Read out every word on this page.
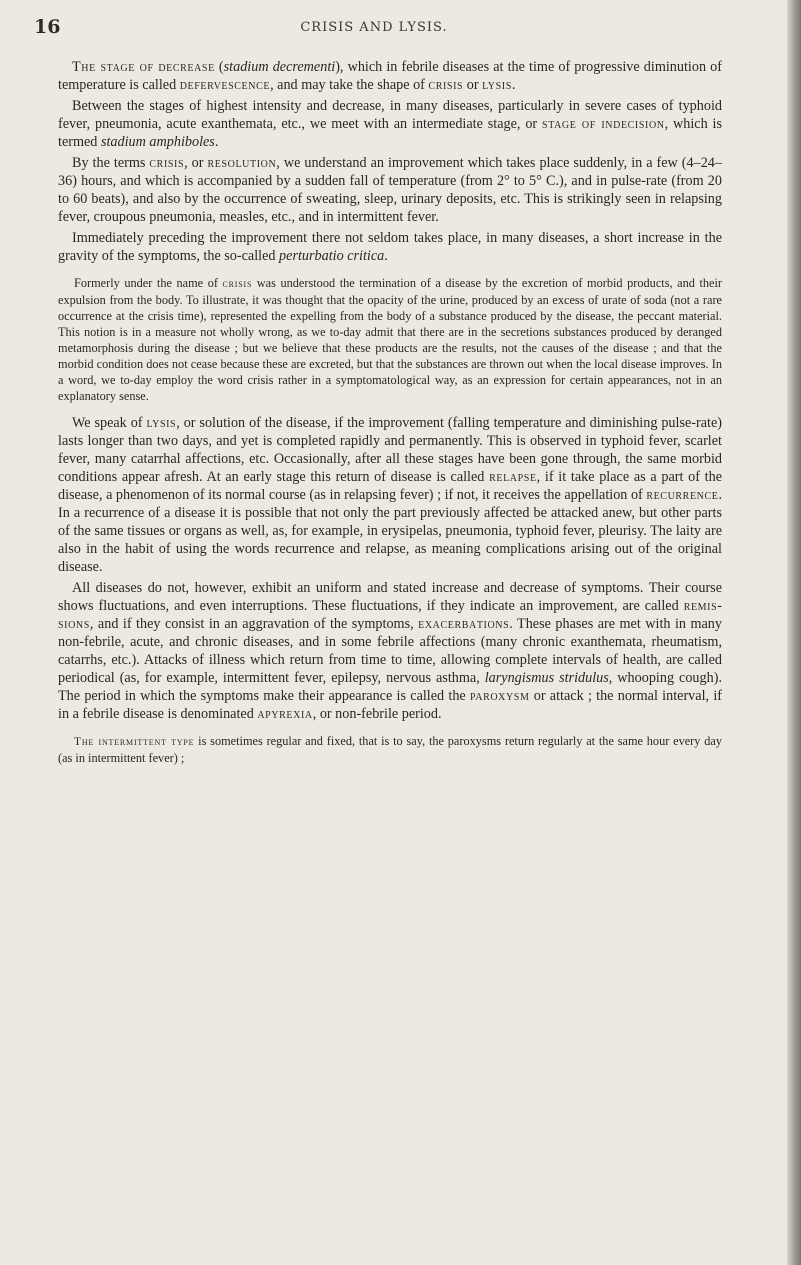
16	CRISIS AND LYSIS.

The stage of decrease (stadium decrementi), which in febrile diseases at the time of progressive diminution of temperature is called defervescence, and may take the shape of crisis or lysis.

Between the stages of highest intensity and decrease, in many diseases, particularly in severe cases of typhoid fever, pneumonia, acute exanthemata, etc., we meet with an intermediate stage, or stage of indecision, which is termed stadium amphiboles.

By the terms crisis, or resolution, we understand an improvement which takes place suddenly, in a few (4–24–36) hours, and which is accompanied by a sudden fall of temperature (from 2° to 5° C.), and in pulse-rate (from 20 to 60 beats), and also by the occurrence of sweating, sleep, urinary deposits, etc. This is strikingly seen in relapsing fever, croupous pneumonia, measles, etc., and in intermittent fever.

Immediately preceding the improvement there not seldom takes place, in many diseases, a short increase in the gravity of the symptoms, the so-called perturbatio critica.

Formerly under the name of crisis was understood the termination of a disease by the excretion of morbid products, and their expulsion from the body. To illustrate, it was thought that the opacity of the urine, produced by an excess of urate of soda (not a rare occurrence at the crisis time), represented the expelling from the body of a substance produced by the disease, the peccant material. This notion is in a measure not wholly wrong, as we to-day admit that there are in the secretions substances produced by deranged metamorphosis during the disease ; but we believe that these products are the results, not the causes of the disease ; and that the morbid condition does not cease because these are excreted, but that the substances are thrown out when the local disease improves. In a word, we to-day employ the word crisis rather in a symptomatological way, as an expression for certain appearances, not in an explanatory sense.

We speak of lysis, or solution of the disease, if the improvement (falling temperature and diminishing pulse-rate) lasts longer than two days, and yet is completed rapidly and permanently. This is observed in typhoid fever, scarlet fever, many catarrhal affections, etc. Occasionally, after all these stages have been gone through, the same morbid conditions appear afresh. At an early stage this return of disease is called relapse, if it take place as a part of the disease, a phenomenon of its normal course (as in relapsing fever) ; if not, it receives the appellation of recurrence. In a recurrence of a disease it is possible that not only the part previously affected be attacked anew, but other parts of the same tissues or organs as well, as, for example, in erysipelas, pneumonia, typhoid fever, pleurisy. The laity are also in the habit of using the words recurrence and relapse, as meaning complications arising out of the original disease.

All diseases do not, however, exhibit an uniform and stated increase and decrease of symptoms. Their course shows fluctuations, and even interruptions. These fluctuations, if they indicate an improvement, are called remissions, and if they consist in an aggravation of the symptoms, exacerbations. These phases are met with in many non-febrile, acute, and chronic diseases, and in some febrile affections (many chronic exanthemata, rheumatism, catarrhs, etc.). Attacks of illness which return from time to time, allowing complete intervals of health, are called periodical (as, for example, intermittent fever, epilepsy, nervous asthma, laryngismus stridulus, whooping cough). The period in which the symptoms make their appearance is called the paroxysm or attack ; the normal interval, if in a febrile disease is denominated apyrexia, or non-febrile period.

The intermittent type is sometimes regular and fixed, that is to say, the paroxysms return regularly at the same hour every day (as in intermittent fever) ;
